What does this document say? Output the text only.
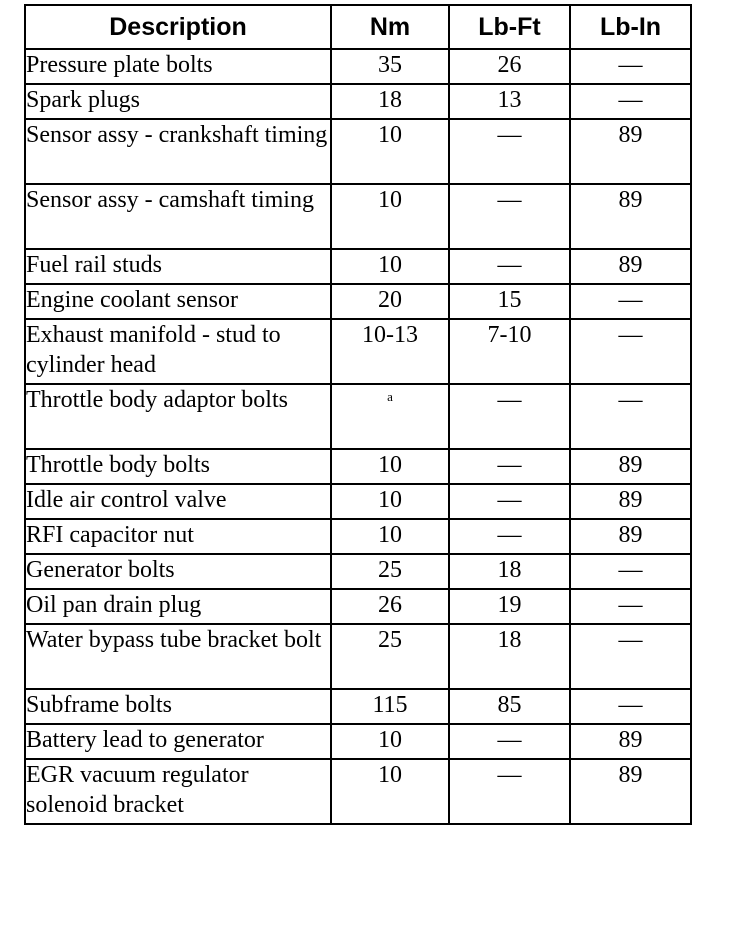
Description	Nm	Lb-Ft	Lb-In
Pressure plate bolts	35	26	—
Spark plugs	18	13	—
Sensor assy - crankshaft timing	10	—	89
Sensor assy - camshaft timing	10	—	89
Fuel rail studs	10	—	89
Engine coolant sensor	20	15	—
Exhaust manifold - stud to cylinder head	10-13	7-10	—
Throttle body adaptor bolts	$^a$	—	—
Throttle body bolts	10	—	89
Idle air control valve	10	—	89
RFI capacitor nut	10	—	89
Generator bolts	25	18	—
Oil pan drain plug	26	19	—
Water bypass tube bracket bolt	25	18	—
Subframe bolts	115	85	—
Battery lead to generator	10	—	89
EGR vacuum regulator solenoid bracket	10	—	89
